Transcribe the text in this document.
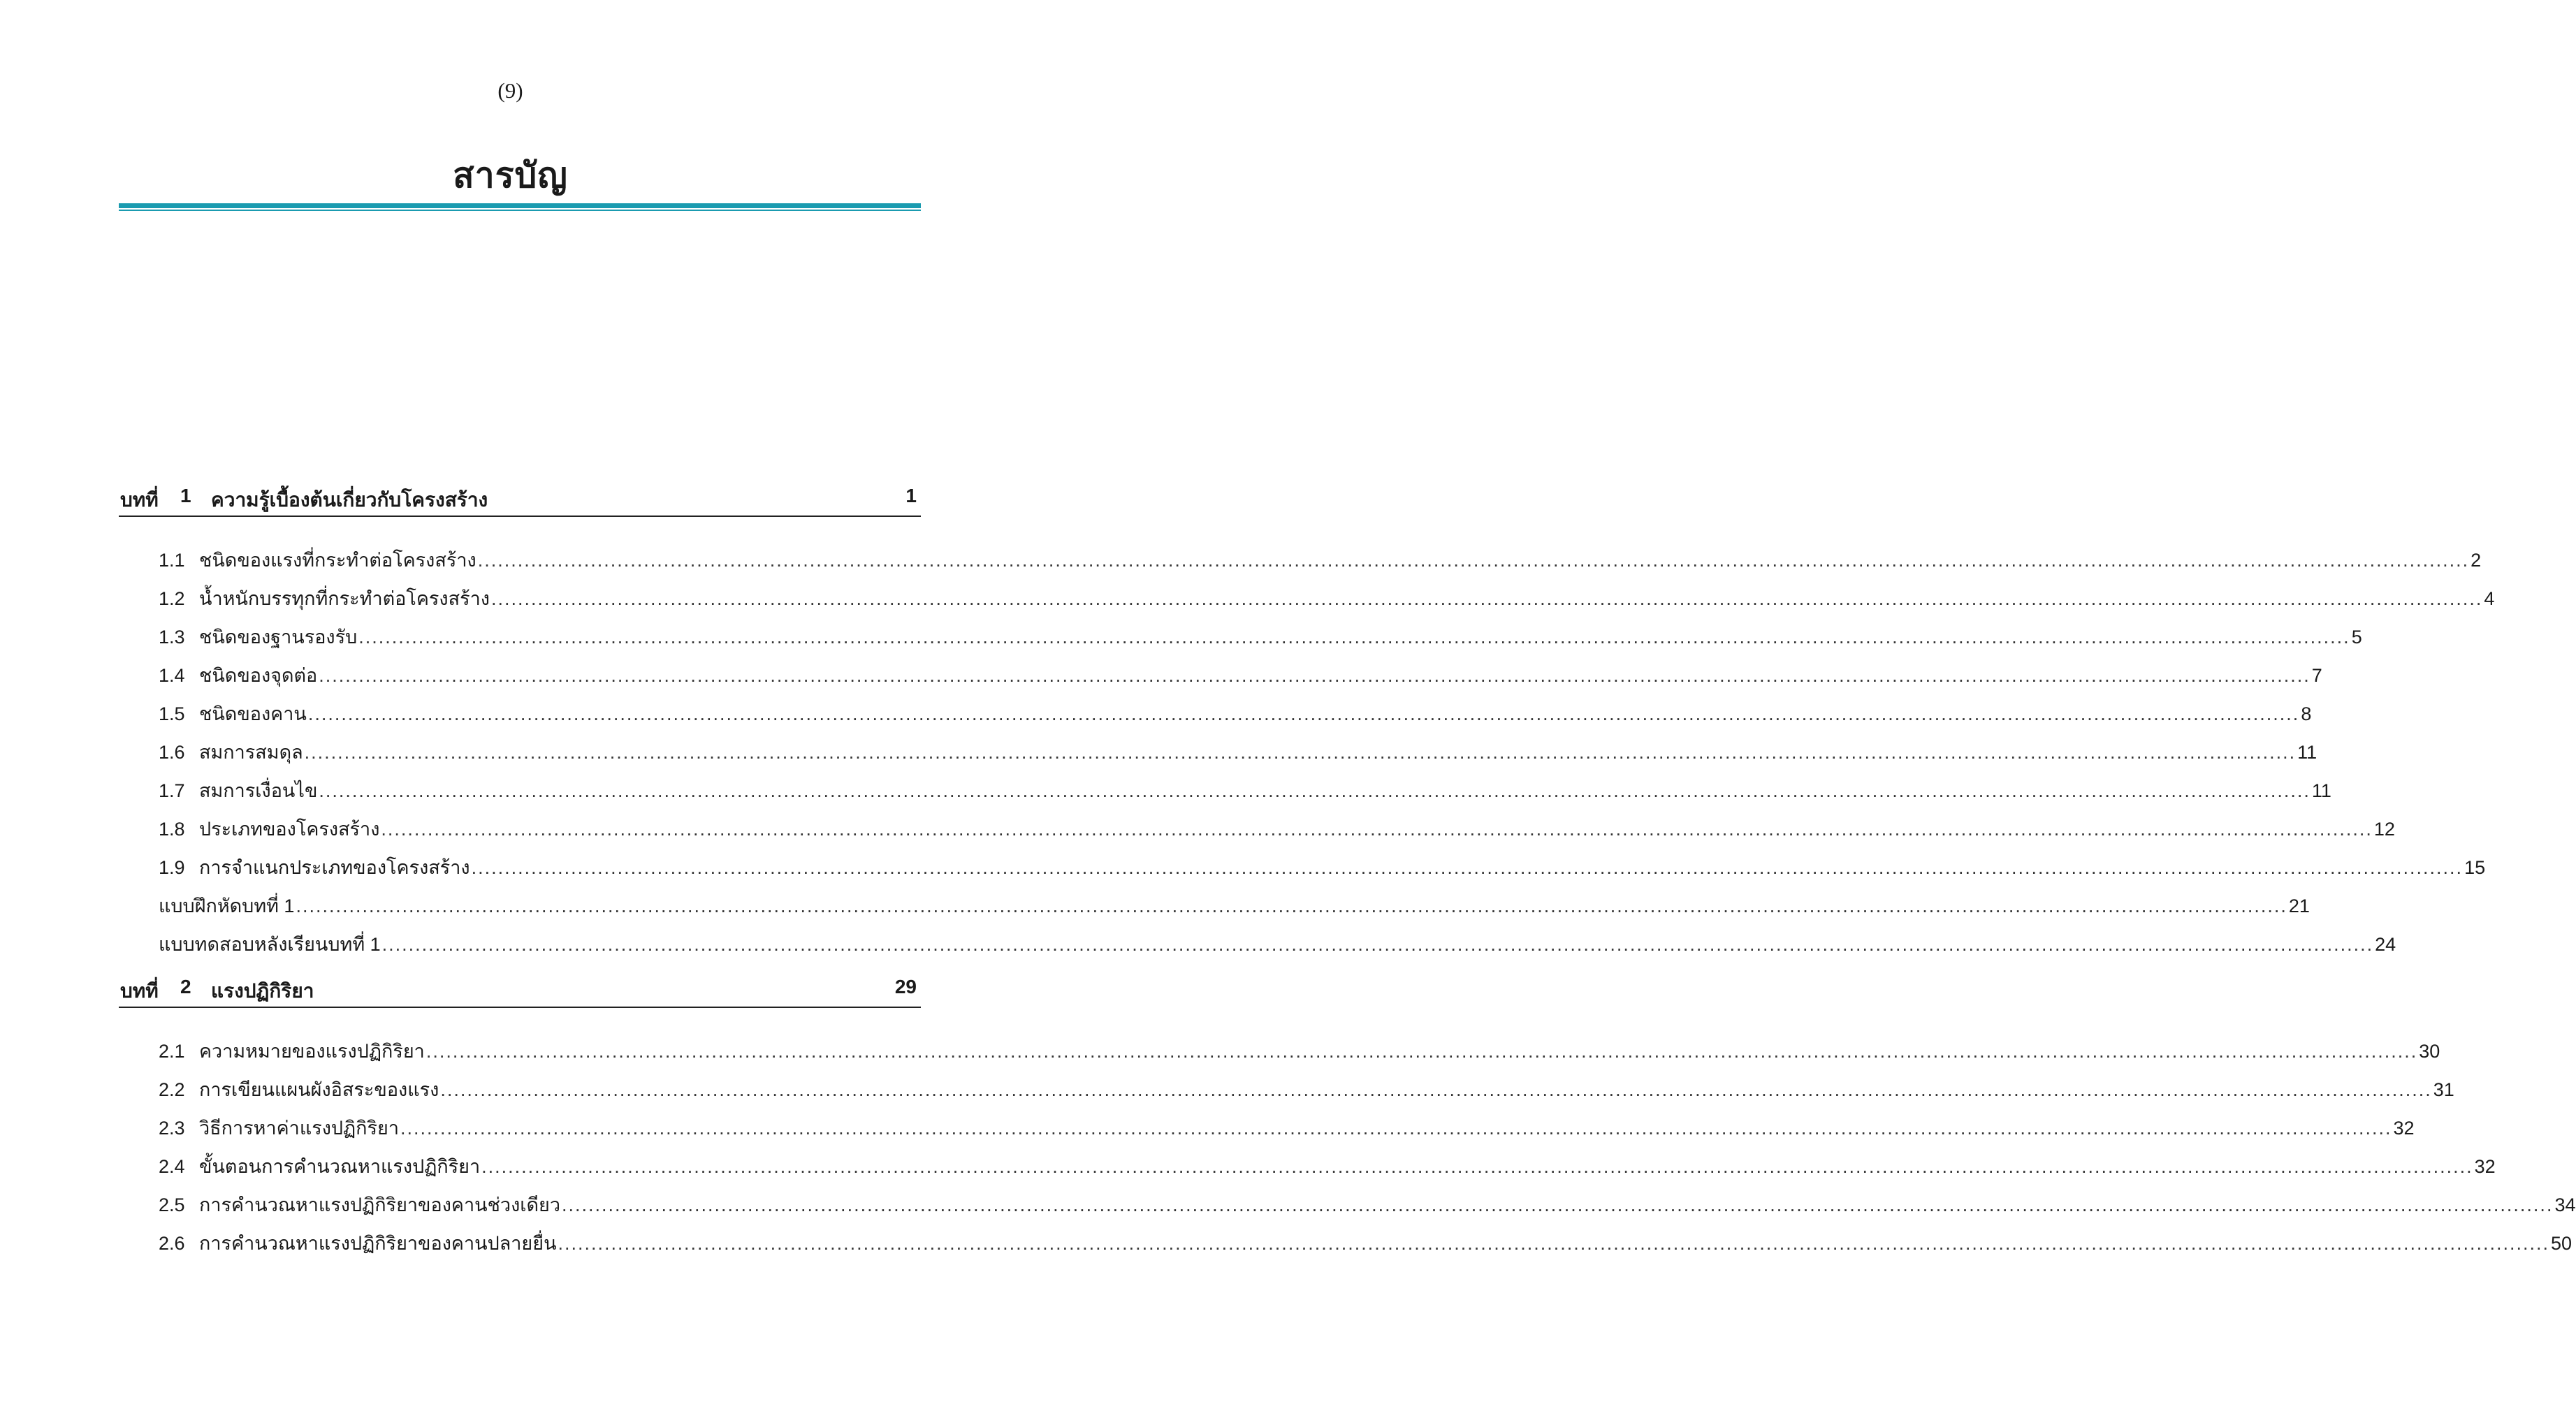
(9)
สารบัญ
บทที่ 1 ความรู้เบื้องต้นเกี่ยวกับโครงสร้าง	1
1.1 ชนิดของแรงที่กระทำต่อโครงสร้าง ............................................................................................................................................................................................................................................................................................................ 2
1.2 น้ำหนักบรรทุกที่กระทำต่อโครงสร้าง ............................................................................................................................................................................................................................................................................................................ 4
1.3 ชนิดของฐานรองรับ ............................................................................................................................................................................................................................................................................................................ 5
1.4 ชนิดของจุดต่อ ............................................................................................................................................................................................................................................................................................................ 7
1.5 ชนิดของคาน ............................................................................................................................................................................................................................................................................................................ 8
1.6 สมการสมดุล ............................................................................................................................................................................................................................................................................................................ 11
1.7 สมการเงื่อนไข ............................................................................................................................................................................................................................................................................................................ 11
1.8 ประเภทของโครงสร้าง ............................................................................................................................................................................................................................................................................................................ 12
1.9 การจำแนกประเภทของโครงสร้าง ............................................................................................................................................................................................................................................................................................................ 15
แบบฝึกหัดบทที่ 1 ............................................................................................................................................................................................................................................................................................................ 21
แบบทดสอบหลังเรียนบทที่ 1 ............................................................................................................................................................................................................................................................................................................ 24
บทที่ 2 แรงปฏิกิริยา	29
2.1 ความหมายของแรงปฏิกิริยา ............................................................................................................................................................................................................................................................................................................ 30
2.2 การเขียนแผนผังอิสระของแรง ............................................................................................................................................................................................................................................................................................................ 31
2.3 วิธีการหาค่าแรงปฏิกิริยา ............................................................................................................................................................................................................................................................................................................ 32
2.4 ขั้นตอนการคำนวณหาแรงปฏิกิริยา ............................................................................................................................................................................................................................................................................................................ 32
2.5 การคำนวณหาแรงปฏิกิริยาของคานช่วงเดียว ............................................................................................................................................................................................................................................................................................................ 34
2.6 การคำนวณหาแรงปฏิกิริยาของคานปลายยื่น ............................................................................................................................................................................................................................................................................................................ 50
